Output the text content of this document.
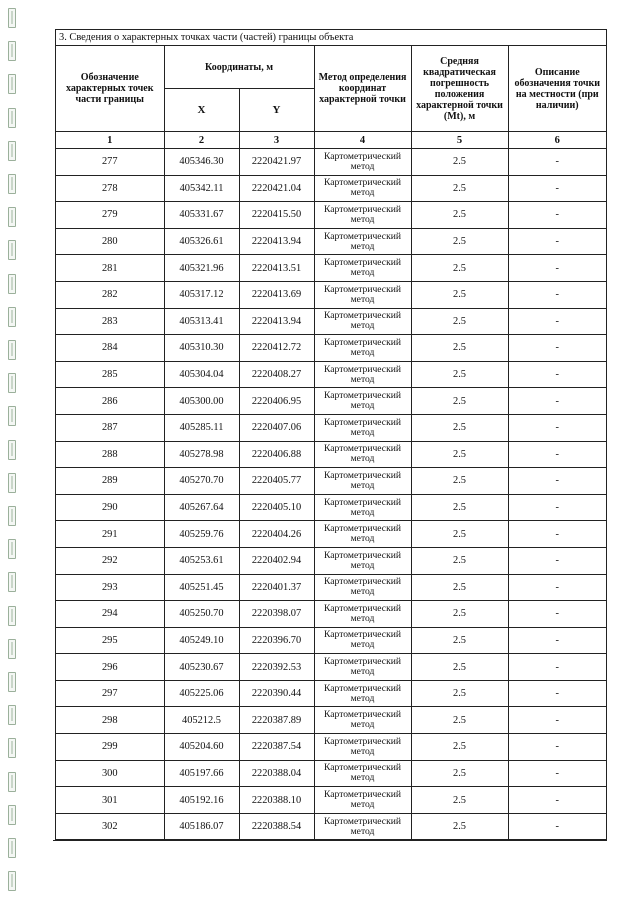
3. Сведения о характерных точках части (частей) границы объекта
Обозначение характерных точек части границы	Координаты, м		Метод определения координат характерной точки	Средняя квадратическая погрешность положения характерной точки (Mt), м	Описание обозначения точки на местности (при наличии)
	X	Y			
1	2	3	4	5	6
277	405346.30	2220421.97	Картометрический метод	2.5	-
278	405342.11	2220421.04	Картометрический метод	2.5	-
279	405331.67	2220415.50	Картометрический метод	2.5	-
280	405326.61	2220413.94	Картометрический метод	2.5	-
281	405321.96	2220413.51	Картометрический метод	2.5	-
282	405317.12	2220413.69	Картометрический метод	2.5	-
283	405313.41	2220413.94	Картометрический метод	2.5	-
284	405310.30	2220412.72	Картометрический метод	2.5	-
285	405304.04	2220408.27	Картометрический метод	2.5	-
286	405300.00	2220406.95	Картометрический метод	2.5	-
287	405285.11	2220407.06	Картометрический метод	2.5	-
288	405278.98	2220406.88	Картометрический метод	2.5	-
289	405270.70	2220405.77	Картометрический метод	2.5	-
290	405267.64	2220405.10	Картометрический метод	2.5	-
291	405259.76	2220404.26	Картометрический метод	2.5	-
292	405253.61	2220402.94	Картометрический метод	2.5	-
293	405251.45	2220401.37	Картометрический метод	2.5	-
294	405250.70	2220398.07	Картометрический метод	2.5	-
295	405249.10	2220396.70	Картометрический метод	2.5	-
296	405230.67	2220392.53	Картометрический метод	2.5	-
297	405225.06	2220390.44	Картометрический метод	2.5	-
298	405212.5	2220387.89	Картометрический метод	2.5	-
299	405204.60	2220387.54	Картометрический метод	2.5	-
300	405197.66	2220388.04	Картометрический метод	2.5	-
301	405192.16	2220388.10	Картометрический метод	2.5	-
302	405186.07	2220388.54	Картометрический метод	2.5	-
